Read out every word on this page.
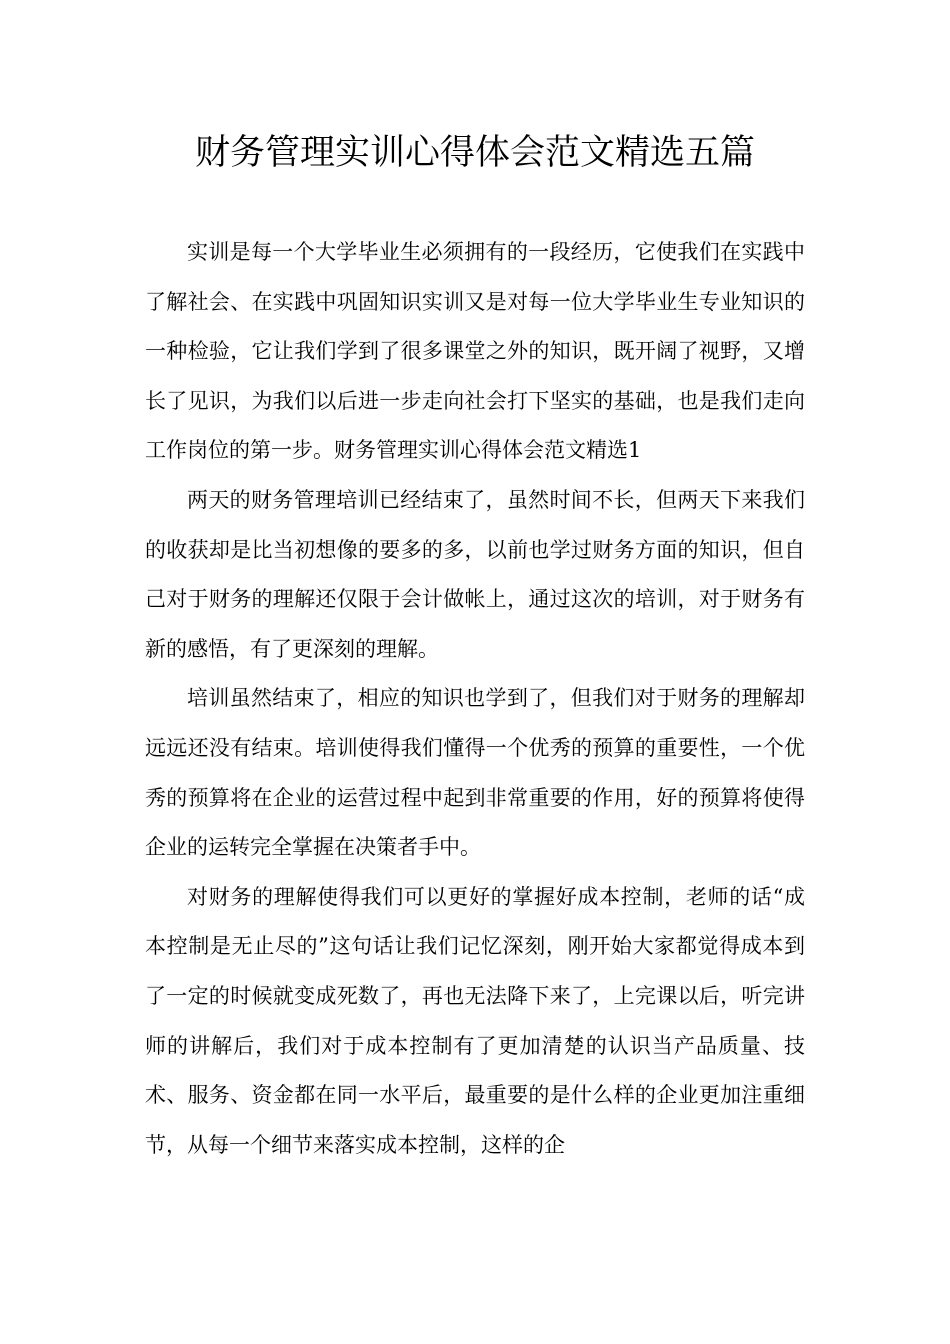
财务管理实训心得体会范文精选五篇

实训是每一个大学毕业生必须拥有的一段经历，它使我们在实践中了解社会、在实践中巩固知识实训又是对每一位大学毕业生专业知识的一种检验，它让我们学到了很多课堂之外的知识，既开阔了视野，又增长了见识，为我们以后进一步走向社会打下坚实的基础，也是我们走向工作岗位的第一步。财务管理实训心得体会范文精选1

两天的财务管理培训已经结束了，虽然时间不长，但两天下来我们的收获却是比当初想像的要多的多，以前也学过财务方面的知识，但自己对于财务的理解还仅限于会计做帐上，通过这次的培训，对于财务有新的感悟，有了更深刻的理解。

培训虽然结束了，相应的知识也学到了，但我们对于财务的理解却远远还没有结束。培训使得我们懂得一个优秀的预算的重要性，一个优秀的预算将在企业的运营过程中起到非常重要的作用，好的预算将使得企业的运转完全掌握在决策者手中。

对财务的理解使得我们可以更好的掌握好成本控制，老师的话“成本控制是无止尽的”这句话让我们记忆深刻，刚开始大家都觉得成本到了一定的时候就变成死数了，再也无法降下来了，上完课以后，听完讲师的讲解后，我们对于成本控制有了更加清楚的认识当产品质量、技术、服务、资金都在同一水平后，最重要的是什么样的企业更加注重细节，从每一个细节来落实成本控制，这样的企
